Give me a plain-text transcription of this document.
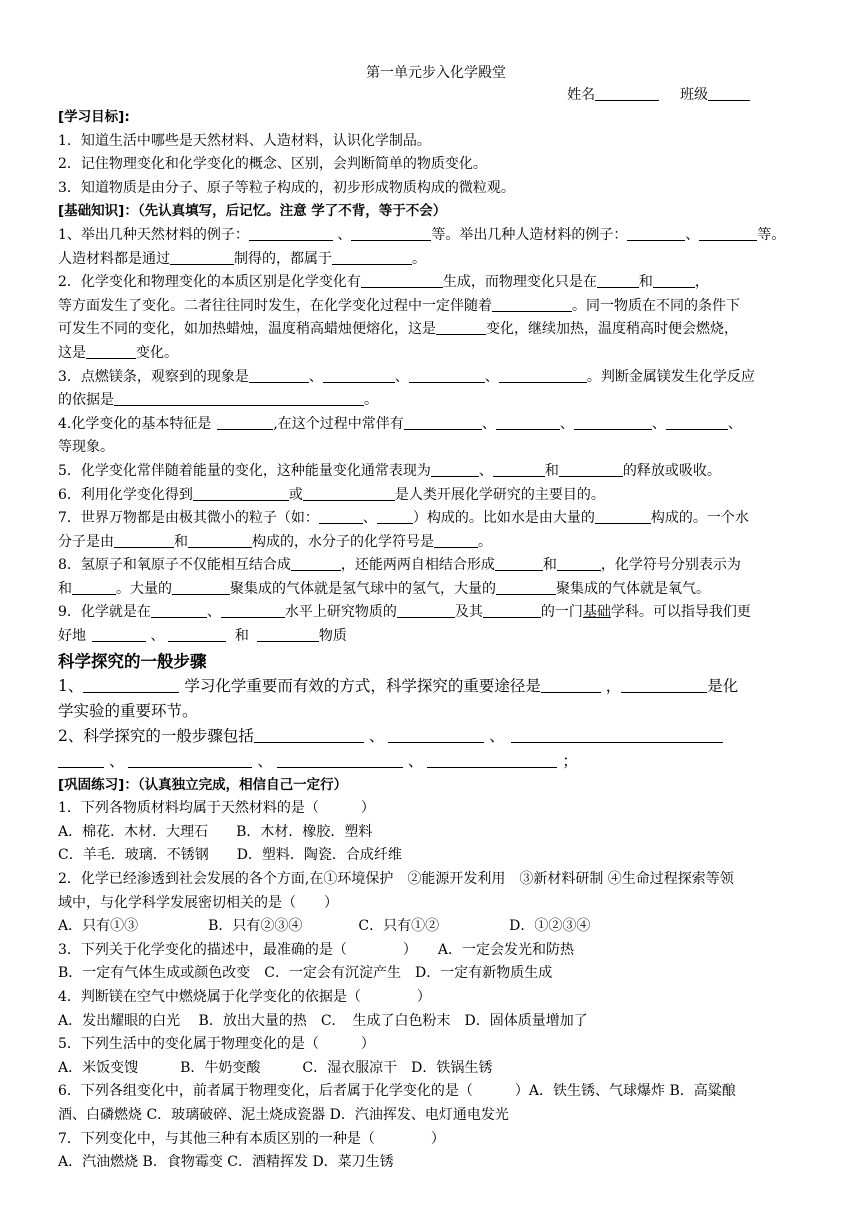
第一单元步入化学殿堂
姓名	班级
[学习目标]:
1．知道生活中哪些是天然材料、人造材料，认识化学制品。
2．记住物理变化和化学变化的概念、区别，会判断简单的物质变化。
3．知道物质是由分子、原子等粒子构成的，初步形成物质构成的微粒观。
[基础知识]：（先认真填写，后记忆。注意 学了不背，等于不会）
1、举出几种天然材料的例子：	、	等。举出几种人造材料的例子：	、	等。
人造材料都是通过	制得的，都属于	。
2．化学变化和物理变化的本质区别是化学变化有	生成，而物理变化只是在	和	，
等方面发生了变化。二者往往同时发生，在化学变化过程中一定伴随着	。同一物质在不同的条件下
可发生不同的变化，如加热蜡烛，温度稍高蜡烛便熔化，这是	变化，继续加热，温度稍高时便会燃烧，
这是	变化。
3．点燃镁条，观察到的现象是	、	、	、	。判断金属镁发生化学反应
的依据是	。
4.化学变化的基本特征是	,在这个过程中常伴有	、	、	、	、
等现象。
5．化学变化常伴随着能量的变化，这种能量变化通常表现为	、	和	的释放或吸收。
6．利用化学变化得到	或	是人类开展化学研究的主要目的。
7．世界万物都是由极其微小的粒子（如：	、	）构成的。比如水是由大量的	构成的。一个水
分子是由	和	构成的，水分子的化学符号是	。
8．氢原子和氧原子不仅能相互结合成	，还能两两自相结合形成	和	，化学符号分别表示为
和	。大量的	聚集成的气体就是氢气球中的氢气，大量的	聚集成的气体就是氧气。
9．化学就是在	、	水平上研究物质的	及其	的一门基础学科。可以指导我们更
好地	、	和	物质
科学探究的一般步骤
1、	学习化学重要而有效的方式，科学探究的重要途径是	，	是化
学实验的重要环节。
2、科学探究的一般步骤包括	、	、
、	、	、	；
[巩固练习]：（认真独立完成，相信自己一定行）
1．下列各物质材料均属于天然材料的是（　　　）
A．棉花．木材．大理石　　B．木材．橡胶．塑料
C．羊毛．玻璃．不锈钢　　D．塑料．陶瓷．合成纤维
2．化学已经渗透到社会发展的各个方面,在①环境保护　②能源开发利用　③新材料研制 ④生命过程探索等领
域中，与化学科学发展密切相关的是（　　）
A．只有①③　　　　　B．只有②③④　　　　C．只有①②　　　　　D．①②③④
3．下列关于化学变化的描述中，最准确的是（　　　　）　　A．一定会发光和防热
B．一定有气体生成或颜色改变　C．一定会有沉淀产生　D．一定有新物质生成
4．判断镁在空气中燃烧属于化学变化的依据是（　　　　）
A．发出耀眼的白光　 B．放出大量的热　C．　生成了白色粉末　D．固体质量增加了
5．下列生活中的变化属于物理变化的是（　　　）
A．米饭变馊　　　B．牛奶变酸　　　C．湿衣服凉干　D．铁锅生锈
6．下列各组变化中，前者属于物理变化，后者属于化学变化的是（　　　）A．铁生锈、气球爆炸 B．高粱酿
酒、白磷燃烧 C．玻璃破碎、泥土烧成瓷器 D．汽油挥发、电灯通电发光
7．下列变化中，与其他三种有本质区别的一种是（　　　　）
A．汽油燃烧 B．食物霉变 C．酒精挥发 D．菜刀生锈
